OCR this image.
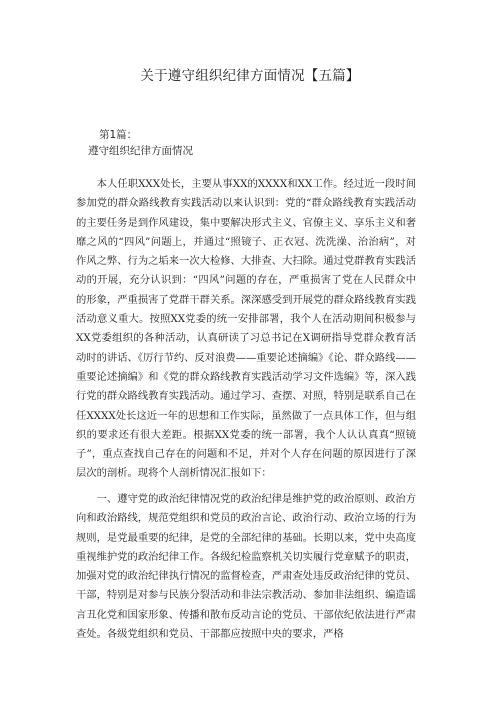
关于遵守组织纪律方面情况【五篇】
第1篇：
遵守组织纪律方面情况

本人任职XXX处长，主要从事XX的XXXX和XX工作。经过近一段时间参加党的群众路线教育实践活动以来认识到：党的“群众路线教育实践活动的主要任务是到作风建设，集中要解决形式主义、官僚主义、享乐主义和奢靡之风的“四风”问题上，并通过“照镜子、正衣冠、洗洗澡、治治病”，对作风之弊、行为之垢来一次大检修、大排查、大扫除。通过党群教育实践活动的开展，充分认识到：“四风”问题的存在，严重损害了党在人民群众中的形象，严重损害了党群干群关系。深深感受到开展党的群众路线教育实践活动意义重大。按照XX党委的统一安排部署，我个人在活动期间积极参与XX党委组织的各种活动，认真研读了习总书记在X调研指导党群众教育活动时的讲话、《厉行节约、反对浪费——重要论述摘编》《论、群众路线——重要论述摘编》和《党的群众路线教育实践活动学习文件选编》等，深入践行党的群众路线教育实践活动。通过学习、查摆、对照，特别是联系自己在任XXXX处长这近一年的思想和工作实际，虽然做了一点具体工作，但与组织的要求还有很大差距。根据XX党委的统一部署，我个人认认真真“照镜子”，重点查找自己存在的问题和不足，并对个人存在问题的原因进行了深层次的剖析。现将个人剖析情况汇报如下：

一、遵守党的政治纪律情况党的政治纪律是维护党的政治原则、政治方向和政治路线，规范党组织和党员的政治言论、政治行动、政治立场的行为规则，是党最重要的纪律，是党的全部纪律的基础。长期以来，党中央高度重视维护党的政治纪律工作。各级纪检监察机关切实履行党章赋予的职责，加强对党的政治纪律执行情况的监督检查，严肃查处违反政治纪律的党员、干部，特别是对参与民族分裂活动和非法宗教活动、参加非法组织、编造谣言丑化党和国家形象、传播和散布反动言论的党员、干部依纪依法进行严肃查处。各级党组织和党员、干部都应按照中央的要求，严格
